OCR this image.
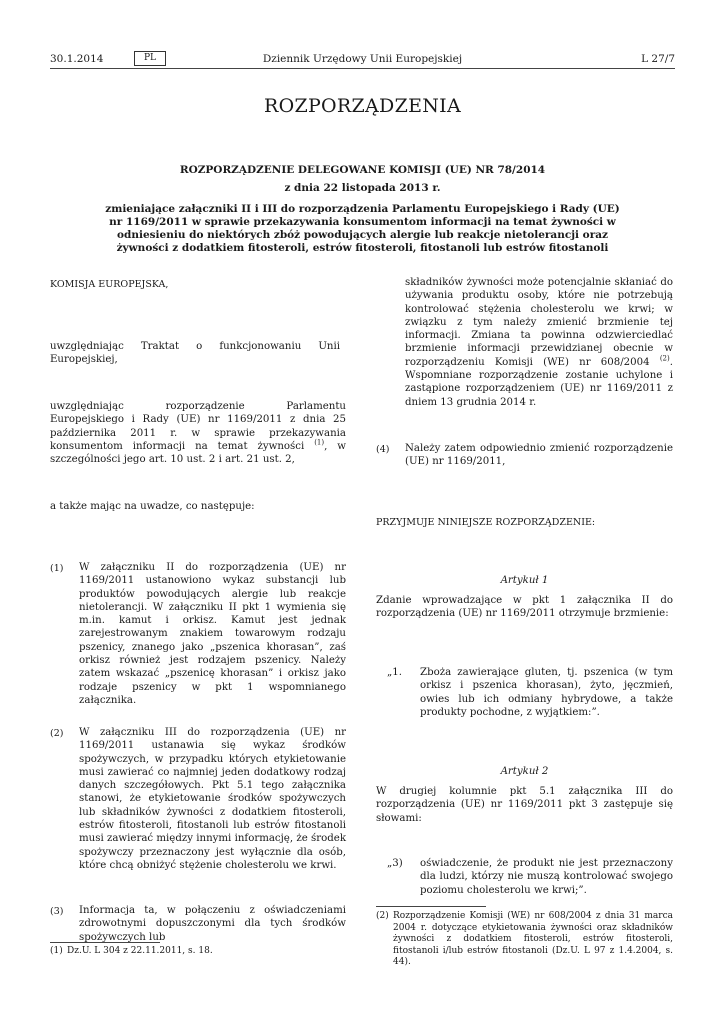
30.1.2014	PL	Dziennik Urzędowy Unii Europejskiej	L 27/7
ROZPORZĄDZENIA
ROZPORZĄDZENIE DELEGOWANE KOMISJI (UE) NR 78/2014
z dnia 22 listopada 2013 r.
zmieniające załączniki II i III do rozporządzenia Parlamentu Europejskiego i Rady (UE) nr 1169/2011 w sprawie przekazywania konsumentom informacji na temat żywności w odniesieniu do niektórych zbóż powodujących alergie lub reakcje nietolerancji oraz żywności z dodatkiem fitosteroli, estrów fitosteroli, fitostanoli lub estrów fitostanoli
KOMISJA EUROPEJSKA,
uwzględniając Traktat o funkcjonowaniu Unii Europejskiej,
uwzględniając rozporządzenie Parlamentu Europejskiego i Rady (UE) nr 1169/2011 z dnia 25 października 2011 r. w sprawie przekazywania konsumentom informacji na temat żywności $^{(1)}$, w szczególności jego art. 10 ust. 2 i art. 21 ust. 2,
a także mając na uwadze, co następuje:
(1) W załączniku II do rozporządzenia (UE) nr 1169/2011 ustanowiono wykaz substancji lub produktów powodujących alergie lub reakcje nietolerancji. W załączniku II pkt 1 wymienia się m.in. kamut i orkisz. Kamut jest jednak zarejestrowanym znakiem towarowym rodzaju pszenicy, znanego jako „pszenica khorasan”, zaś orkisz również jest rodzajem pszenicy. Należy zatem wskazać „pszenicę khorasan” i orkisz jako rodzaje pszenicy w pkt 1 wspomnianego załącznika.
(2) W załączniku III do rozporządzenia (UE) nr 1169/2011 ustanawia się wykaz środków spożywczych, w przypadku których etykietowanie musi zawierać co najmniej jeden dodatkowy rodzaj danych szczegółowych. Pkt 5.1 tego załącznika stanowi, że etykietowanie środków spożywczych lub składników żywności z dodatkiem fitosteroli, estrów fitosteroli, fitostanoli lub estrów fitostanoli musi zawierać między innymi informację, że środek spożywczy przeznaczony jest wyłącznie dla osób, które chcą obniżyć stężenie cholesterolu we krwi.
(3) Informacja ta, w połączeniu z oświadczeniami zdrowotnymi dopuszczonymi dla tych środków spożywczych lub
(1) Dz.U. L 304 z 22.11.2011, s. 18.
składników żywności może potencjalnie skłaniać do używania produktu osoby, które nie potrzebują kontrolować stężenia cholesterolu we krwi; w związku z tym należy zmienić brzmienie tej informacji. Zmiana ta powinna odzwierciedlać brzmienie informacji przewidzianej obecnie w rozporządzeniu Komisji (WE) nr 608/2004 $^{(2)}$. Wspomniane rozporządzenie zostanie uchylone i zastąpione rozporządzeniem (UE) nr 1169/2011 z dniem 13 grudnia 2014 r.
(4) Należy zatem odpowiednio zmienić rozporządzenie (UE) nr 1169/2011,
PRZYJMUJE NINIEJSZE ROZPORZĄDZENIE:
Artykuł 1
Zdanie wprowadzające w pkt 1 załącznika II do rozporządzenia (UE) nr 1169/2011 otrzymuje brzmienie:
„1. Zboża zawierające gluten, tj. pszenica (w tym orkisz i pszenica khorasan), żyto, jęczmień, owies lub ich odmiany hybrydowe, a także produkty pochodne, z wyjątkiem:”.
Artykuł 2
W drugiej kolumnie pkt 5.1 załącznika III do rozporządzenia (UE) nr 1169/2011 pkt 3 zastępuje się słowami:
„3) oświadczenie, że produkt nie jest przeznaczony dla ludzi, którzy nie muszą kontrolować swojego poziomu cholesterolu we krwi;”.
(2) Rozporządzenie Komisji (WE) nr 608/2004 z dnia 31 marca 2004 r. dotyczące etykietowania żywności oraz składników żywności z dodatkiem fitosteroli, estrów fitosteroli, fitostanoli i/lub estrów fitostanoli (Dz.U. L 97 z 1.4.2004, s. 44).
